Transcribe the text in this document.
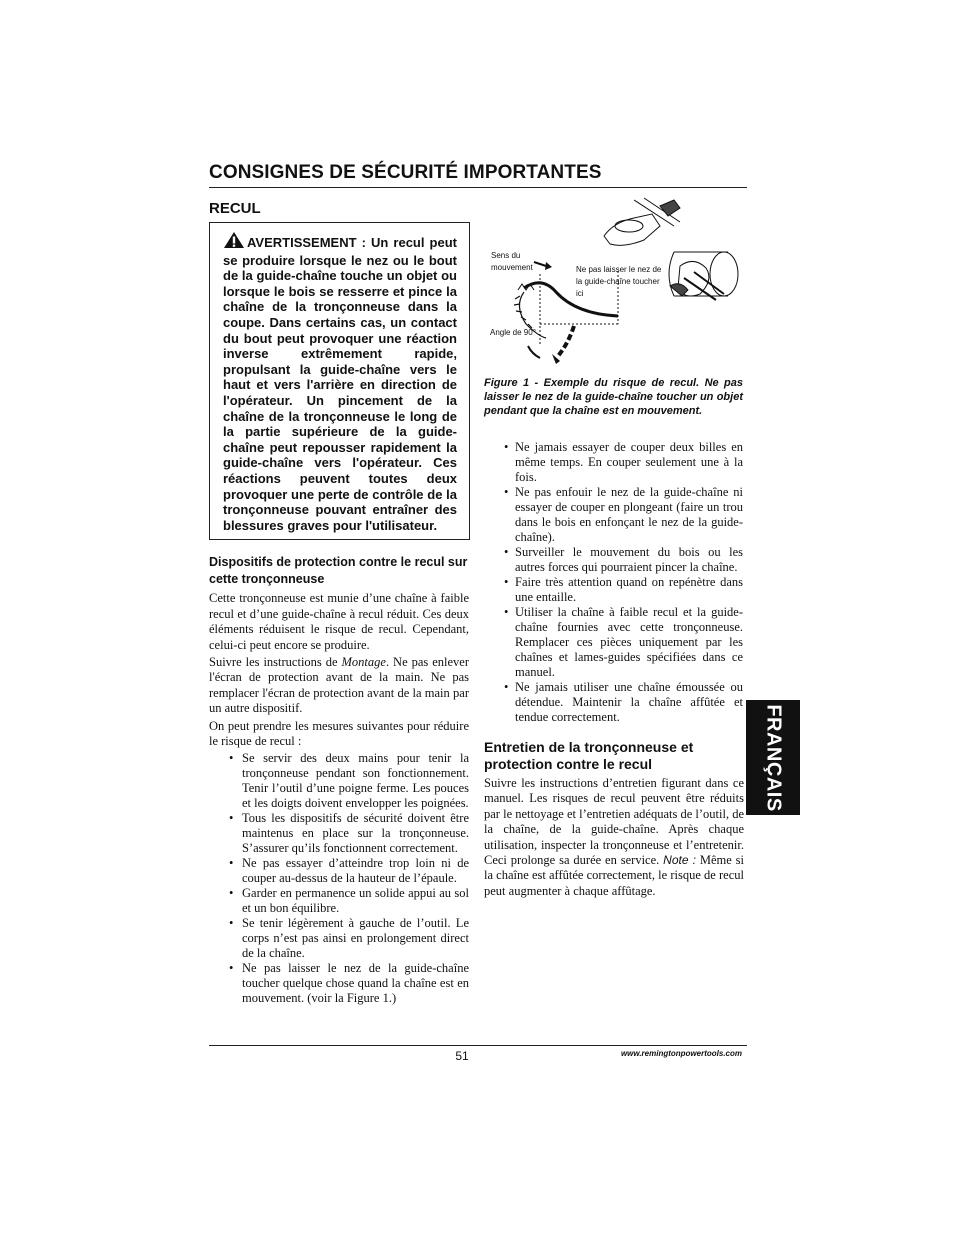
CONSIGNES DE SÉCURITÉ IMPORTANTES
RECUL
AVERTISSEMENT : Un recul peut se produire lorsque le nez ou le bout de la guide-chaîne touche un objet ou lorsque le bois se resserre et pince la chaîne de la tronçonneuse dans la coupe. Dans certains cas, un contact du bout peut provoquer une réaction inverse extrêmement rapide, propulsant la guide-chaîne vers le haut et vers l'arrière en direction de l'opérateur. Un pincement de la chaîne de la tronçonneuse le long de la partie supérieure de la guide-chaîne peut repousser rapidement la guide-chaîne vers l'opérateur. Ces réactions peuvent toutes deux provoquer une perte de contrôle de la tronçonneuse pouvant entraîner des blessures graves pour l'utilisateur.
Dispositifs de protection contre le recul sur cette tronçonneuse

Cette tronçonneuse est munie d’une chaîne à faible recul et d’une guide-chaîne à recul réduit. Ces deux éléments réduisent le risque de recul. Cependant, celui-ci peut encore se produire.

Suivre les instructions de Montage. Ne pas enlever l'écran de protection avant de la main. Ne pas remplacer l'écran de protection avant de la main par un autre dispositif.

On peut prendre les mesures suivantes pour réduire le risque de recul :

• Se servir des deux mains pour tenir la tronçonneuse pendant son fonctionnement. Tenir l’outil d’une poigne ferme. Les pouces et les doigts doivent envelopper les poignées.
• Tous les dispositifs de sécurité doivent être maintenus en place sur la tronçonneuse. S’assurer qu’ils fonctionnent correctement.
• Ne pas essayer d’atteindre trop loin ni de couper au-dessus de la hauteur de l’épaule.
• Garder en permanence un solide appui au sol et un bon équilibre.
• Se tenir légèrement à gauche de l’outil. Le corps n’est pas ainsi en prolongement direct de la chaîne.
• Ne pas laisser le nez de la guide-chaîne toucher quelque chose quand la chaîne est en mouvement. (voir la Figure 1.)
Sens du mouvement	Ne pas laisser le nez de la guide-chaîne toucher ici
Angle de 90°
Figure 1 - Exemple du risque de recul. Ne pas laisser le nez de la guide-chaîne toucher un objet pendant que la chaîne est en mouvement.
• Ne jamais essayer de couper deux billes en même temps. En couper seulement une à la fois.
• Ne pas enfouir le nez de la guide-chaîne ni essayer de couper en plongeant (faire un trou dans le bois en enfonçant le nez de la guide-chaîne).
• Surveiller le mouvement du bois ou les autres forces qui pourraient pincer la chaîne.
• Faire très attention quand on repénètre dans une entaille.
• Utiliser la chaîne à faible recul et la guide-chaîne fournies avec cette tronçonneuse. Remplacer ces pièces uniquement par les chaînes et lames-guides spécifiées dans ce manuel.
• Ne jamais utiliser une chaîne émoussée ou détendue. Maintenir la chaîne affûtée et tendue correctement.
Entretien de la tronçonneuse et protection contre le recul
Suivre les instructions d’entretien figurant dans ce manuel. Les risques de recul peuvent être réduits par le nettoyage et l’entretien adéquats de l’outil, de la chaîne, de la guide-chaîne. Après chaque utilisation, inspecter la tronçonneuse et l’entretenir. Ceci prolonge sa durée en service. Note : Même si la chaîne est affûtée correctement, le risque de recul peut augmenter à chaque affûtage.
FRANÇAIS
51	www.remingtonpowertools.com
